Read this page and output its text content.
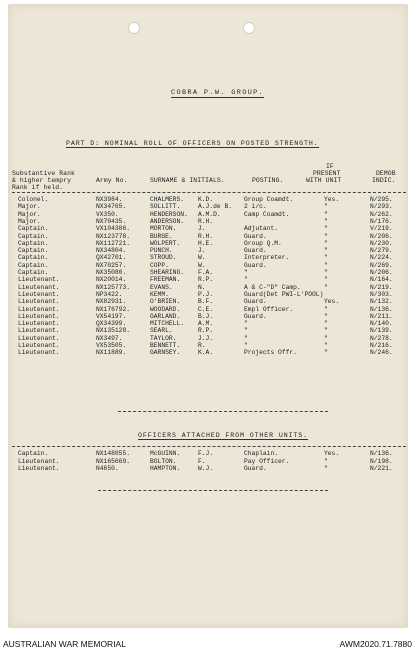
COBRA P.W. GROUP.
PART D: NOMINAL ROLL OF OFFICERS ON POSTED STRENGTH.
Substantive Rank
& higher tempry
Rank if held.
Army No.	SURNAME & INITIALS.	POSTING.
IF
PRESENT
WITH UNIT
DEMOB
INDIC.
Colonel.	NX3984.	CHALMERS. K.D.	Group Coamdt.	Yes.	N/295.
Major.	NX34765.	SOLLITT.	A.J.de B. 2 i/c.	"	N/293.
Major.	VX350.	HENDERSON. A.M.D.	Camp Coamdt.	"	N/262.
Major.	NX70435.	ANDERSON. R.H.	"	N/176.
Captain.	VX104386.	MORTON.	J.	Adjutant.	"	V/219.
Captain.	NX123778.	BURGE.	R.H.	Guard.	"	N/206.
Captain.	NX112721.	WOLPERT.	H.E.	Group Q.M.	"	N/230.
Captain.	NX34804.	PUNCH.	J.	Guard.	"	N/279.
Captain.	QX42701.	STROUD.	W.	Interpreter.	"	N/224.
Captain.	NX70257.	COPP.	W.	Guard.	"	N/269.
Captain.	NX35080.	SHEARING. F.A.	"	"	N/206.
Lieutenant.	NX20014.	FREEMAN.	R.P.	"	"	N/164.
Lieutenant.	NX125773.	EVANS.	N.	A & C-"D" Camp.	"	N/219.
Lieutenant.	NP3422.	KEMM.	P.J.	Guard(Det PWI-L'POOL)	N/303.
Lieutenant.	NX82931.	O'BRIEN.	B.F.	Guard.	Yes.	N/132.
Lieutenant.	NX176792.	WOODARD.	C.E.	Empl Officer.	"	N/136.
Lieutenant.	VX54197.	GARLAND.	B.J.	Guard.	"	N/211.
Lieutenant.	QX34399.	MITCHELL. A.M.	"	"	N/140.
Lieutenant.	NX135128.	SEARL.	R.P.	"	"	N/139.
Lieutenant.	NX3497.	TAYLOR.	J.J.	"	"	N/278.
Lieutenant.	VX53505.	BENNETT.	R.	"	"	N/216.
Lieutenant.	NX11889.	GARNSEY.	K.A.	Projects Offr.	"	N/246.
OFFICERS ATTACHED FROM OTHER UNITS.
Captain.	NX148055.	McGUINN.	F.J.	Chaplain.	Yes.	N/136.
Lieutenant.	NX165669.	BOLTON.	F.	Pay Officer.	"	N/198.
Lieutenant.	N4650.	HAMPTON.	W.J.	Guard.	"	N/221.
AUSTRALIAN WAR MEMORIAL	AWM2020.71.7880
